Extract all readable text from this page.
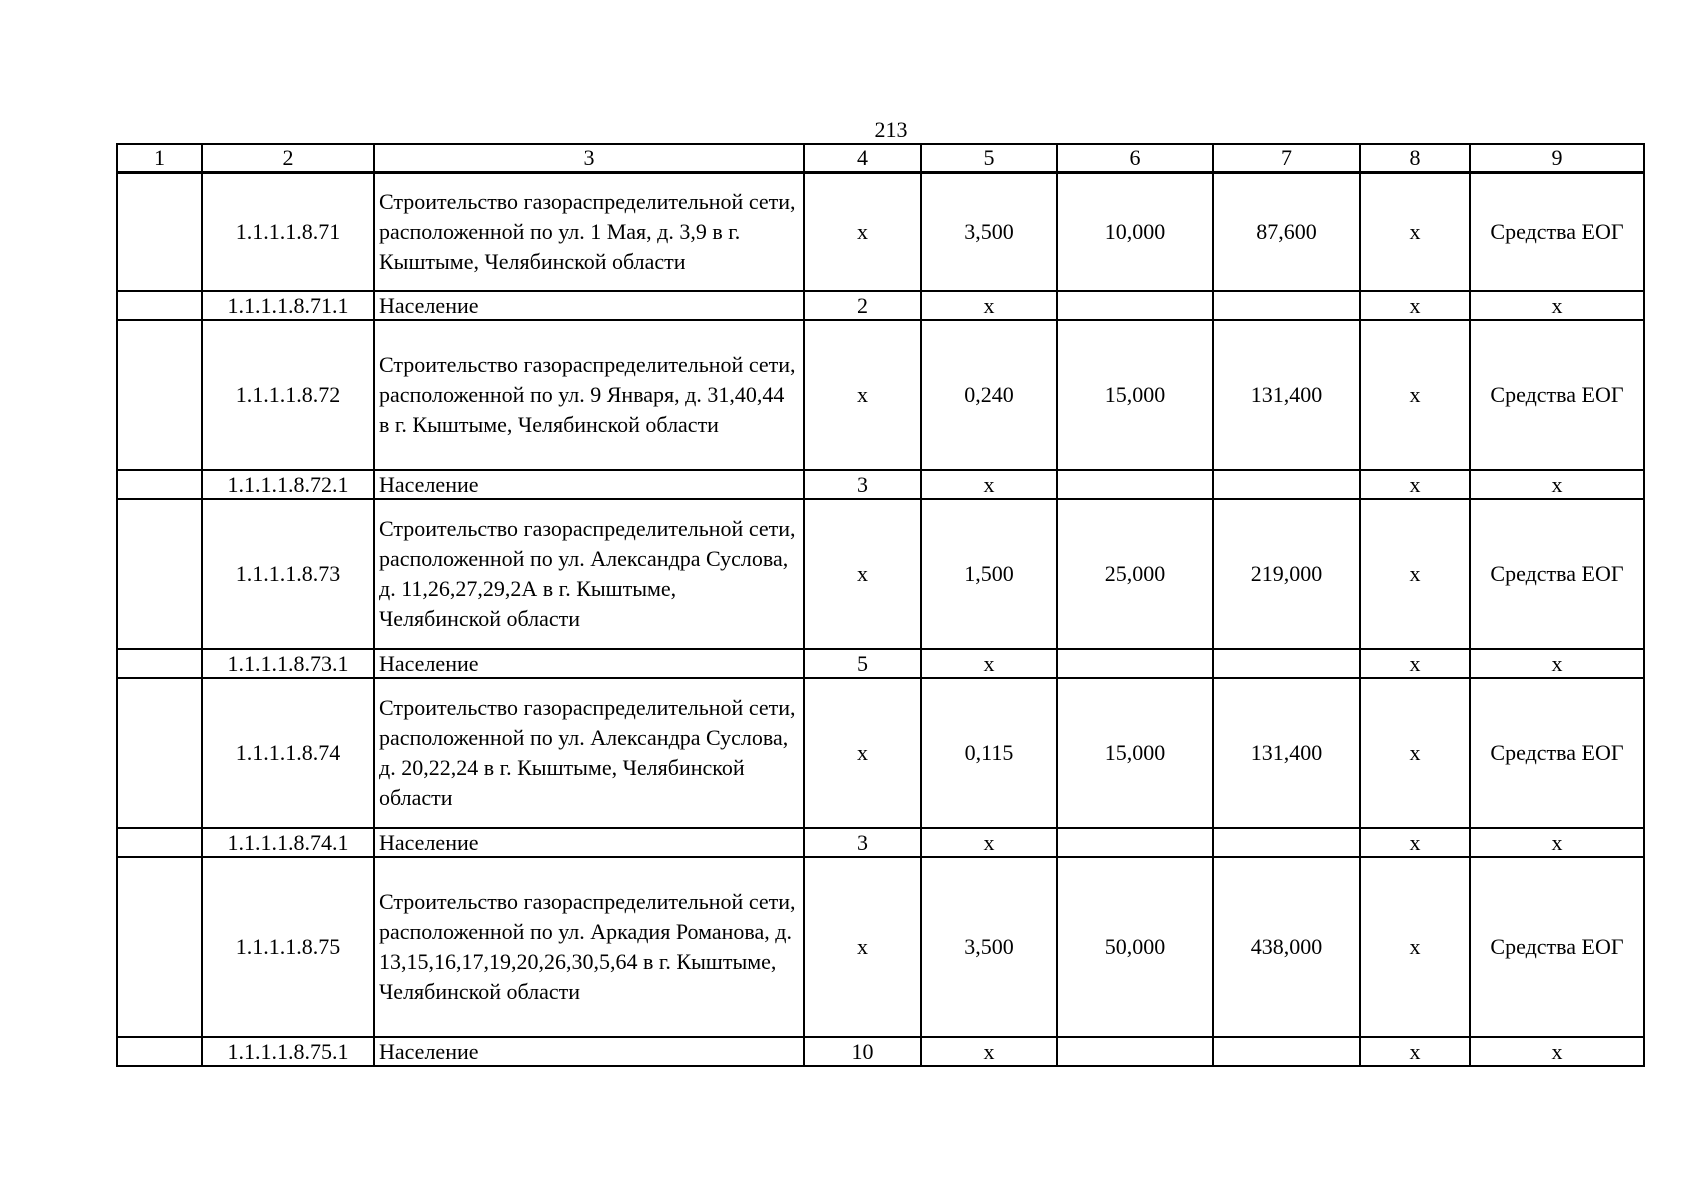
213
1	2	3	4	5	6	7	8	9
	1.1.1.1.8.71	Строительство газораспределительной сети, расположенной по ул. 1 Мая, д. 3,9 в г. Кыштыме, Челябинской области	x	3,500	10,000	87,600	x	Средства ЕОГ
	1.1.1.1.8.71.1	Население	2	x			x	x
	1.1.1.1.8.72	Строительство газораспределительной сети, расположенной по ул. 9 Января, д. 31,40,44 в г. Кыштыме, Челябинской области	x	0,240	15,000	131,400	x	Средства ЕОГ
	1.1.1.1.8.72.1	Население	3	x			x	x
	1.1.1.1.8.73	Строительство газораспределительной сети, расположенной по ул. Александра Суслова, д. 11,26,27,29,2А в г. Кыштыме, Челябинской области	x	1,500	25,000	219,000	x	Средства ЕОГ
	1.1.1.1.8.73.1	Население	5	x			x	x
	1.1.1.1.8.74	Строительство газораспределительной сети, расположенной по ул. Александра Суслова, д. 20,22,24 в г. Кыштыме, Челябинской области	x	0,115	15,000	131,400	x	Средства ЕОГ
	1.1.1.1.8.74.1	Население	3	x			x	x
	1.1.1.1.8.75	Строительство газораспределительной сети, расположенной по ул. Аркадия Романова, д. 13,15,16,17,19,20,26,30,5,64 в г. Кыштыме, Челябинской области	x	3,500	50,000	438,000	x	Средства ЕОГ
	1.1.1.1.8.75.1	Население	10	x			x	x
